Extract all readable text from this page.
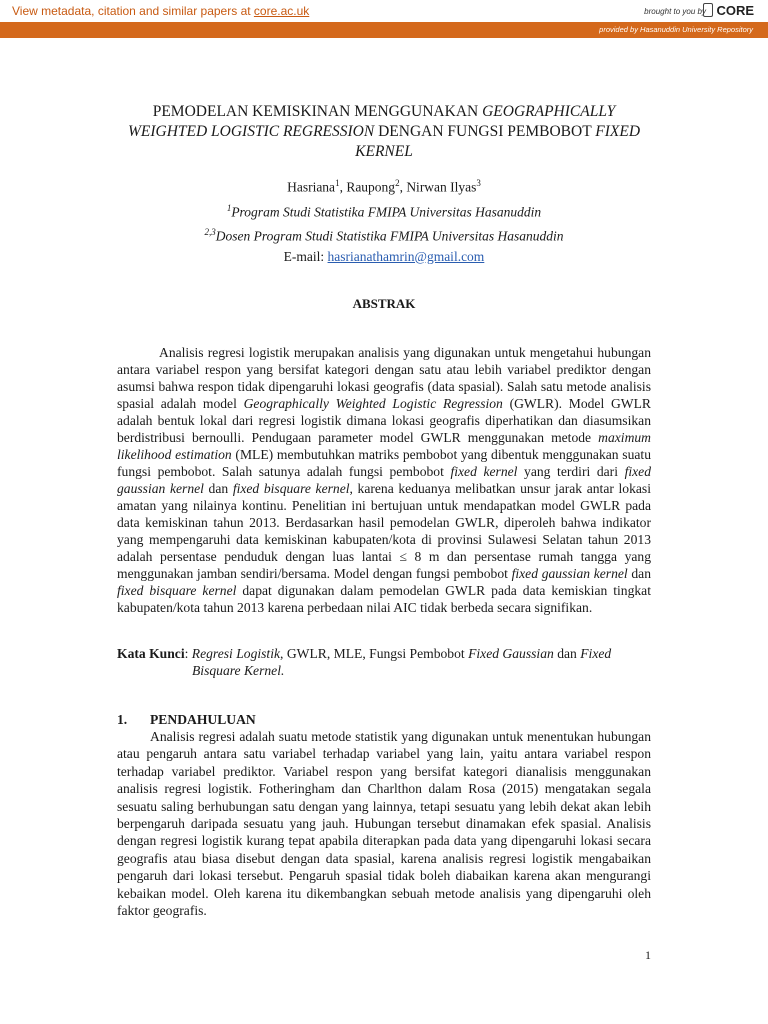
View metadata, citation and similar papers at core.ac.uk	brought to you by CORE
provided by Hasanuddin University Repository
PEMODELAN KEMISKINAN MENGGUNAKAN GEOGRAPHICALLY WEIGHTED LOGISTIC REGRESSION DENGAN FUNGSI PEMBOBOT FIXED KERNEL
Hasriana$^1$, Raupong$^2$, Nirwan Ilyas$^3$
$^1$Program Studi Statistika FMIPA Universitas Hasanuddin
$^{2,3}$Dosen Program Studi Statistika FMIPA Universitas Hasanuddin
E-mail: hasrianathamrin@gmail.com
ABSTRAK

Analisis regresi logistik merupakan analisis yang digunakan untuk mengetahui hubungan antara variabel respon yang bersifat kategori dengan satu atau lebih variabel prediktor dengan asumsi bahwa respon tidak dipengaruhi lokasi geografis (data spasial). Salah satu metode analisis spasial adalah model Geographically Weighted Logistic Regression (GWLR). Model GWLR adalah bentuk lokal dari regresi logistik dimana lokasi geografis diperhatikan dan diasumsikan berdistribusi bernoulli. Pendugaan parameter model GWLR menggunakan metode maximum likelihood estimation (MLE) membutuhkan matriks pembobot yang dibentuk menggunakan suatu fungsi pembobot. Salah satunya adalah fungsi pembobot fixed kernel yang terdiri dari fixed gaussian kernel dan fixed bisquare kernel, karena keduanya melibatkan unsur jarak antar lokasi amatan yang nilainya kontinu. Penelitian ini bertujuan untuk mendapatkan model GWLR pada data kemiskinan tahun 2013. Berdasarkan hasil pemodelan GWLR, diperoleh bahwa indikator yang mempengaruhi data kemiskinan kabupaten/kota di provinsi Sulawesi Selatan tahun 2013 adalah persentase penduduk dengan luas lantai ≤ 8 m dan persentase rumah tangga yang menggunakan jamban sendiri/bersama. Model dengan fungsi pembobot fixed gaussian kernel dan fixed bisquare kernel dapat digunakan dalam pemodelan GWLR pada data kemiskian tingkat kabupaten/kota tahun 2013 karena perbedaan nilai AIC tidak berbeda secara signifikan.

Kata Kunci: Regresi Logistik, GWLR, MLE, Fungsi Pembobot Fixed Gaussian dan Fixed
Bisquare Kernel.
1. PENDAHULUAN

Analisis regresi adalah suatu metode statistik yang digunakan untuk menentukan hubungan atau pengaruh antara satu variabel terhadap variabel yang lain, yaitu antara variabel respon terhadap variabel prediktor. Variabel respon yang bersifat kategori dianalisis menggunakan analisis regresi logistik. Fotheringham dan Charlthon dalam Rosa (2015) mengatakan segala sesuatu saling berhubungan satu dengan yang lainnya, tetapi sesuatu yang lebih dekat akan lebih berpengaruh daripada sesuatu yang jauh. Hubungan tersebut dinamakan efek spasial. Analisis dengan regresi logistik kurang tepat apabila diterapkan pada data yang dipengaruhi lokasi secara geografis atau biasa disebut dengan data spasial, karena analisis regresi logistik mengabaikan pengaruh dari lokasi tersebut. Pengaruh spasial tidak boleh diabaikan karena akan mengurangi kebaikan model. Oleh karena itu dikembangkan sebuah metode analisis yang dipengaruhi oleh faktor geografis.

1
